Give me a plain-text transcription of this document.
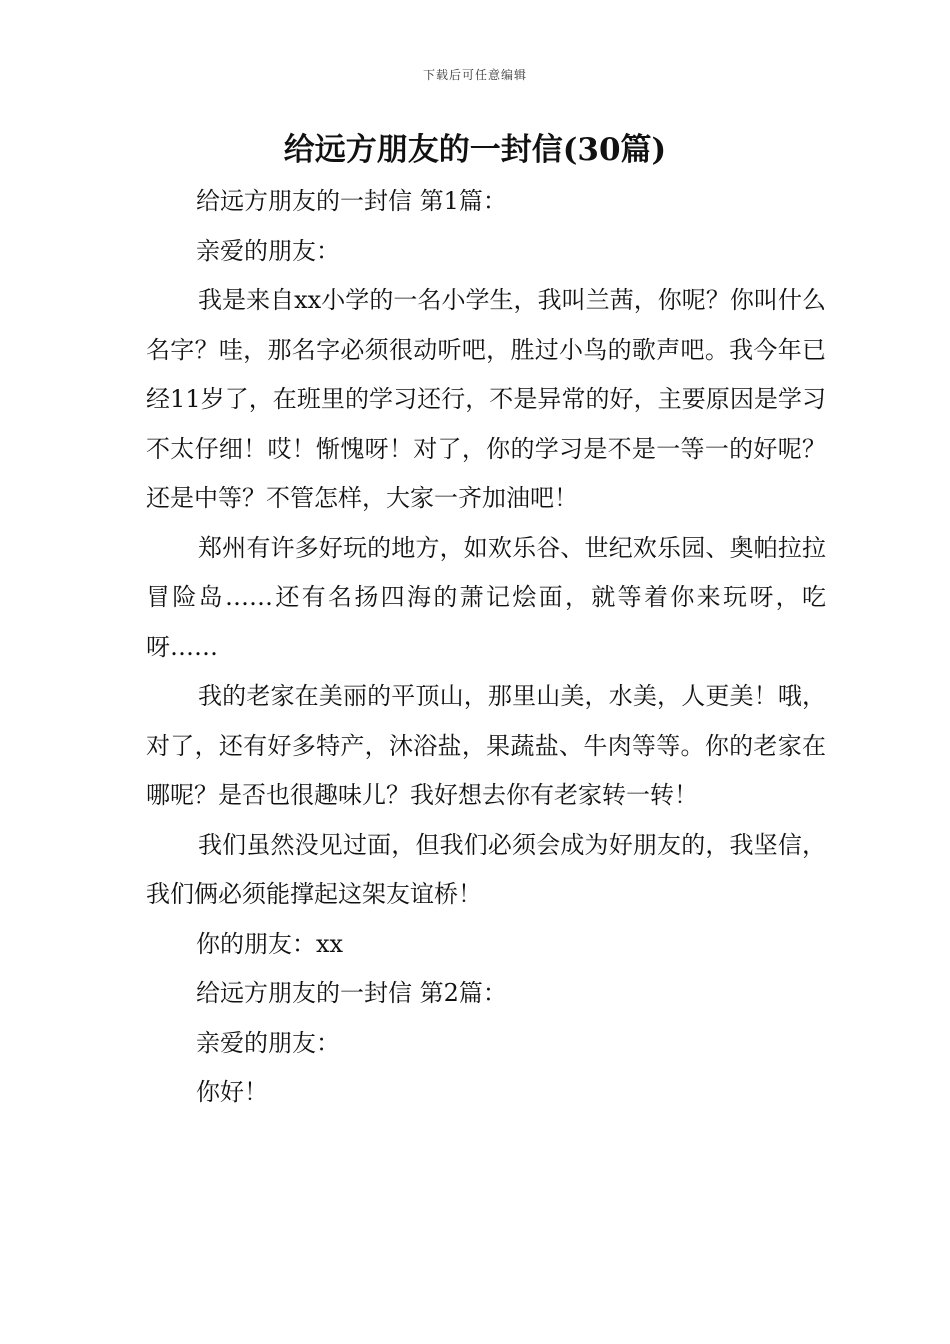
下载后可任意编辑
给远方朋友的一封信(30篇)

给远方朋友的一封信 第1篇：

亲爱的朋友：

我是来自xx小学的一名小学生，我叫兰茜，你呢？你叫什么名字？哇，那名字必须很动听吧，胜过小鸟的歌声吧。我今年已经11岁了，在班里的学习还行，不是异常的好，主要原因是学习不太仔细！哎！惭愧呀！对了，你的学习是不是一等一的好呢？还是中等？不管怎样，大家一齐加油吧！

郑州有许多好玩的地方，如欢乐谷、世纪欢乐园、奥帕拉拉冒险岛……还有名扬四海的萧记烩面，就等着你来玩呀，吃呀……

我的老家在美丽的平顶山，那里山美，水美，人更美！哦，对了，还有好多特产，沐浴盐，果蔬盐、牛肉等等。你的老家在哪呢？是否也很趣味儿？我好想去你有老家转一转！

我们虽然没见过面，但我们必须会成为好朋友的，我坚信，我们俩必须能撑起这架友谊桥！

你的朋友：xx

给远方朋友的一封信 第2篇：

亲爱的朋友：

你好！
